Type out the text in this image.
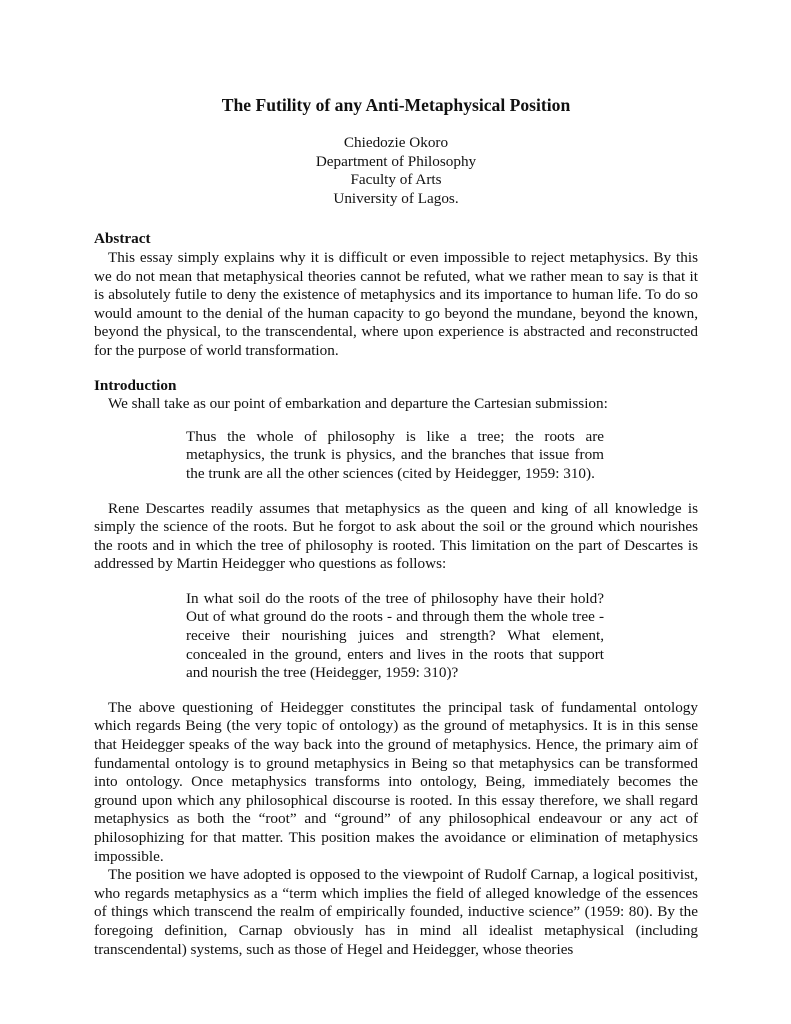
The Futility of any Anti-Metaphysical Position
Chiedozie Okoro
Department of Philosophy
Faculty of Arts
University of Lagos.
Abstract

This essay simply explains why it is difficult or even impossible to reject metaphysics. By this we do not mean that metaphysical theories cannot be refuted, what we rather mean to say is that it is absolutely futile to deny the existence of metaphysics and its importance to human life. To do so would amount to the denial of the human capacity to go beyond the mundane, beyond the known, beyond the physical, to the transcendental, where upon experience is abstracted and reconstructed for the purpose of world transformation.

Introduction

We shall take as our point of embarkation and departure the Cartesian submission:

Thus the whole of philosophy is like a tree; the roots are metaphysics, the trunk is physics, and the branches that issue from the trunk are all the other sciences (cited by Heidegger, 1959: 310).

Rene Descartes readily assumes that metaphysics as the queen and king of all knowledge is simply the science of the roots. But he forgot to ask about the soil or the ground which nourishes the roots and in which the tree of philosophy is rooted. This limitation on the part of Descartes is addressed by Martin Heidegger who questions as follows:

In what soil do the roots of the tree of philosophy have their hold? Out of what ground do the roots - and through them the whole tree - receive their nourishing juices and strength? What element, concealed in the ground, enters and lives in the roots that support and nourish the tree (Heidegger, 1959: 310)?

The above questioning of Heidegger constitutes the principal task of fundamental ontology which regards Being (the very topic of ontology) as the ground of metaphysics. It is in this sense that Heidegger speaks of the way back into the ground of metaphysics. Hence, the primary aim of fundamental ontology is to ground metaphysics in Being so that metaphysics can be transformed into ontology. Once metaphysics transforms into ontology, Being, immediately becomes the ground upon which any philosophical discourse is rooted. In this essay therefore, we shall regard metaphysics as both the “root” and “ground” of any philosophical endeavour or any act of philosophizing for that matter. This position makes the avoidance or elimination of metaphysics impossible.

The position we have adopted is opposed to the viewpoint of Rudolf Carnap, a logical positivist, who regards metaphysics as a “term which implies the field of alleged knowledge of the essences of things which transcend the realm of empirically founded, inductive science” (1959: 80). By the foregoing definition, Carnap obviously has in mind all idealist metaphysical (including transcendental) systems, such as those of Hegel and Heidegger, whose theories
